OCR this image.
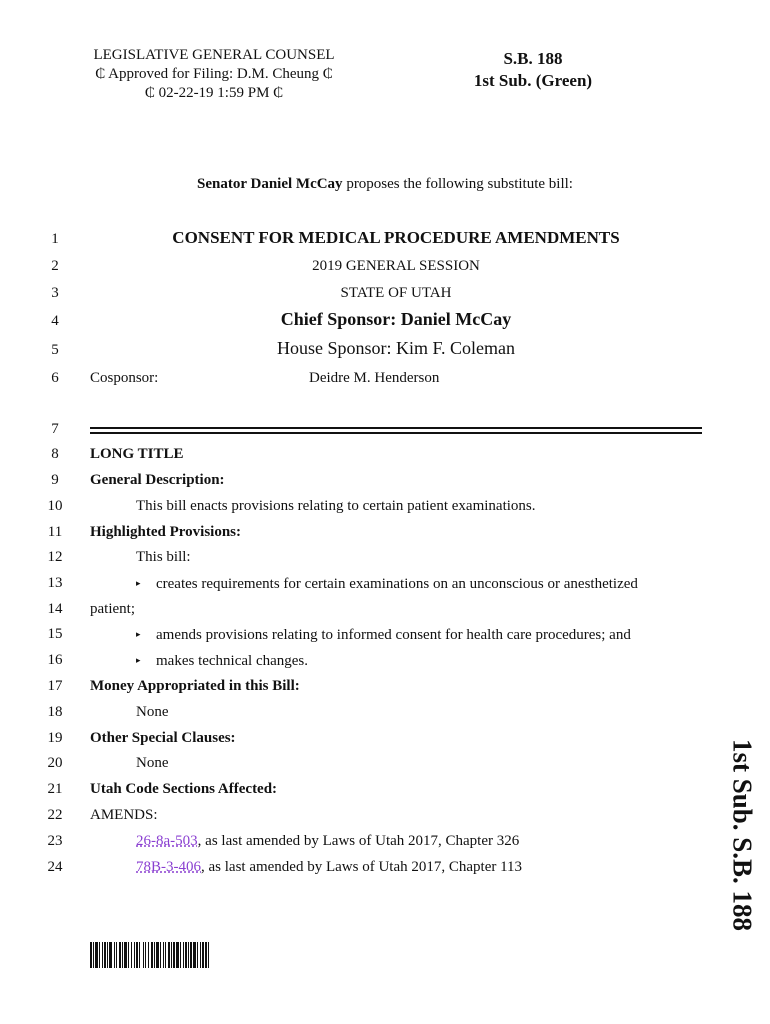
LEGISLATIVE GENERAL COUNSEL
₵ Approved for Filing: D.M. Cheung ₵
₵ 02-22-19 1:59 PM ₵
S.B. 188
1st Sub. (Green)
Senator Daniel McCay proposes the following substitute bill:
1
2
3
4
5
6
7
8
9
10
11
12
13
14
15
16
17
18
19
20
21
22
23
24
CONSENT FOR MEDICAL PROCEDURE AMENDMENTS
2019 GENERAL SESSION
STATE OF UTAH
Chief Sponsor: Daniel McCay
House Sponsor: Kim F. Coleman
Cosponsor:	Deidre M. Henderson
LONG TITLE
General Description:
This bill enacts provisions relating to certain patient examinations.
Highlighted Provisions:
This bill:
▸ creates requirements for certain examinations on an unconscious or anesthetized
patient;
▸ amends provisions relating to informed consent for health care procedures; and
▸ makes technical changes.
Money Appropriated in this Bill:
None
Other Special Clauses:
None
Utah Code Sections Affected:
AMENDS:
26-8a-503, as last amended by Laws of Utah 2017, Chapter 326
78B-3-406, as last amended by Laws of Utah 2017, Chapter 113	1st Sub. S.B. 188
